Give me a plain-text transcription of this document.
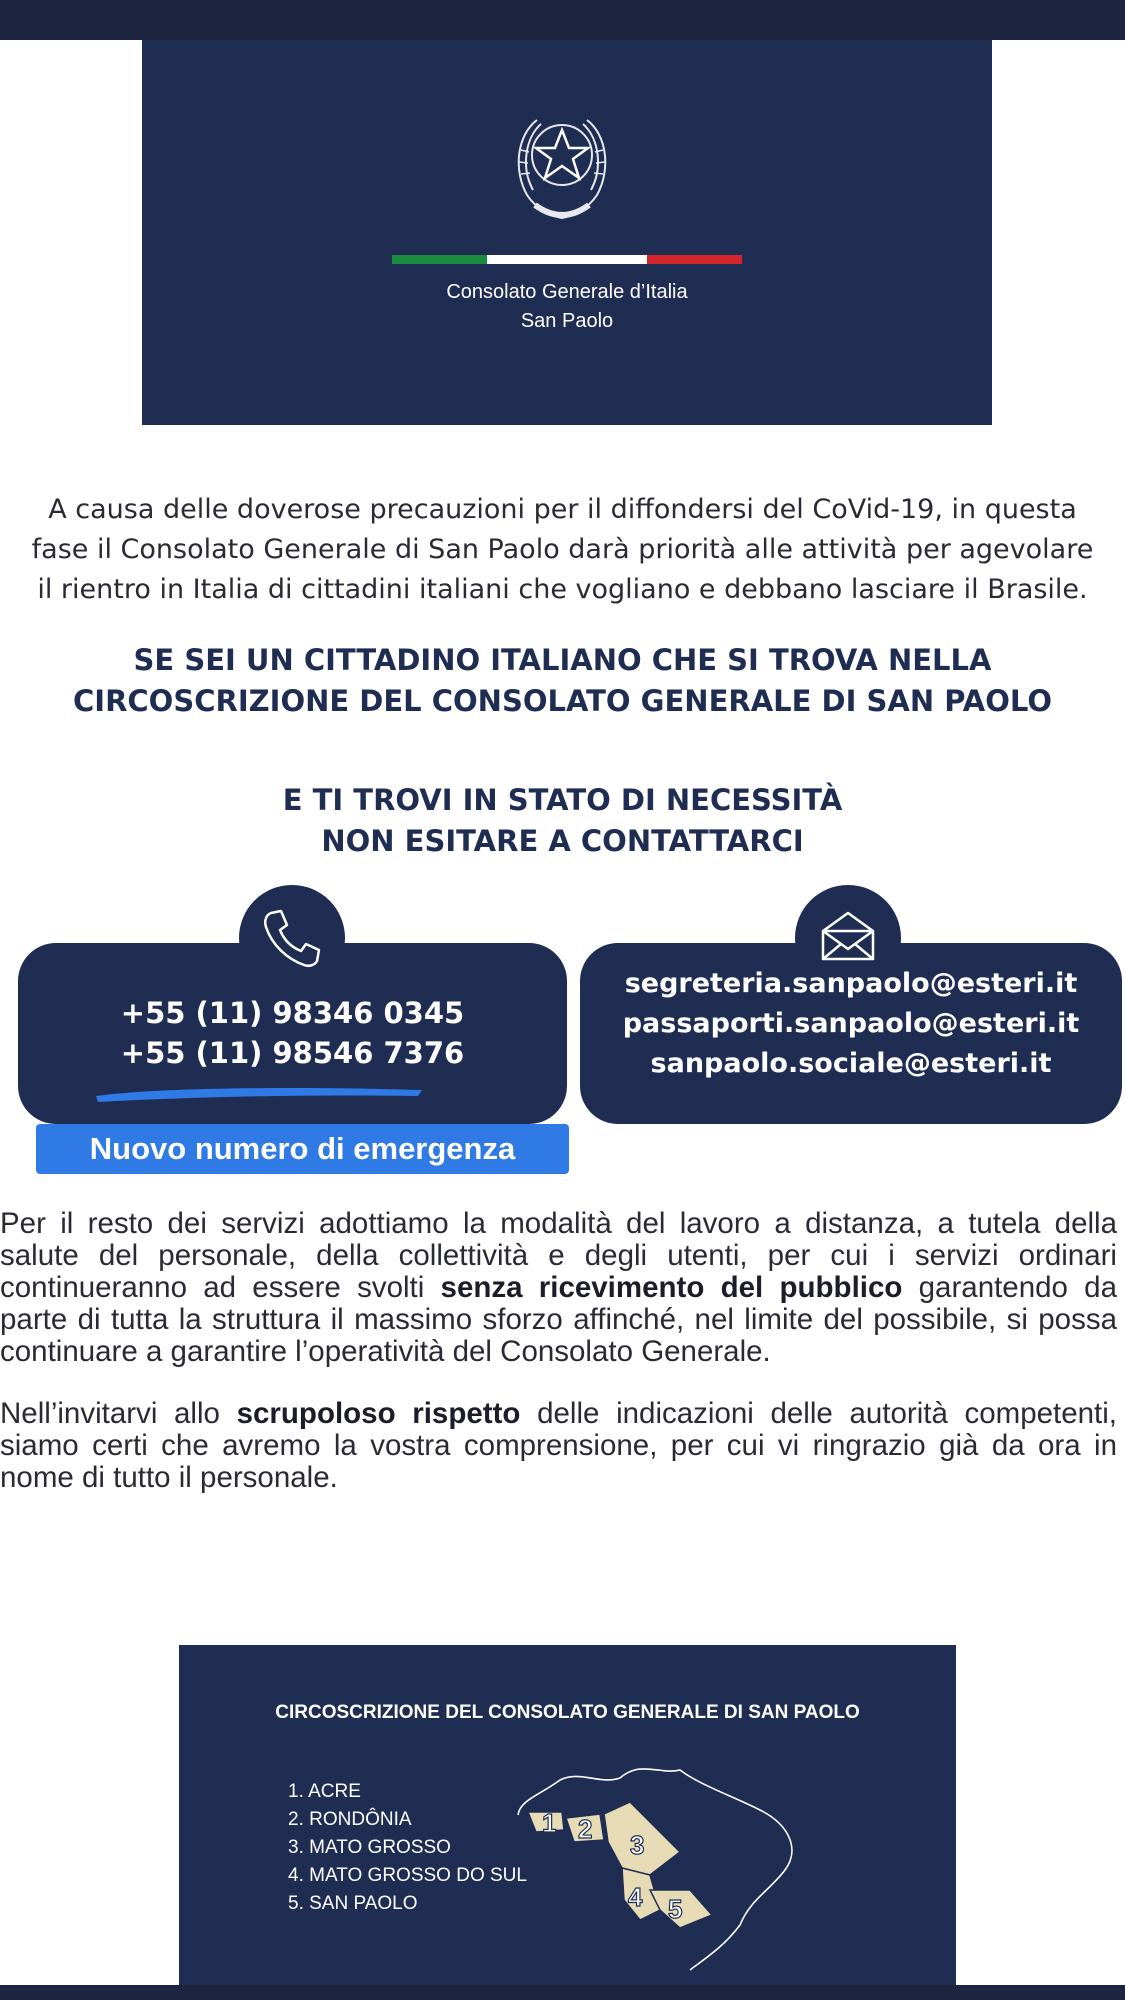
Consolato Generale d’Italia
San Paolo
A causa delle doverose precauzioni per il diffondersi del CoVid-19, in questa
fase il Consolato Generale di San Paolo darà priorità alle attività per agevolare
il rientro in Italia di cittadini italiani che vogliano e debbano lasciare il Brasile.
SE SEI UN CITTADINO ITALIANO CHE SI TROVA NELLA
CIRCOSCRIZIONE DEL CONSOLATO GENERALE DI SAN PAOLO
E TI TROVI IN STATO DI NECESSITÀ
NON ESITARE A CONTATTARCI
+55 (11) 98346 0345
+55 (11) 98546 7376
segreteria.sanpaolo@esteri.it
passaporti.sanpaolo@esteri.it
sanpaolo.sociale@esteri.it
Nuovo numero di emergenza
Per il resto dei servizi adottiamo la modalità del lavoro a distanza, a tutela della salute del personale, della collettività e degli utenti, per cui i servizi ordinari continueranno ad essere svolti senza ricevimento del pubblico garantendo da parte di tutta la struttura il massimo sforzo affinché, nel limite del possibile, si possa continuare a garantire l’operatività del Consolato Generale.
Nell’invitarvi allo scrupoloso rispetto delle indicazioni delle autorità competenti, siamo certi che avremo la vostra comprensione, per cui vi ringrazio già da ora in nome di tutto il personale.
CIRCOSCRIZIONE DEL CONSOLATO GENERALE DI SAN PAOLO
1. ACRE
2. RONDÔNIA
3. MATO GROSSO
4. MATO GROSSO DO SUL
5. SAN PAOLO
1 2
3
4 5
